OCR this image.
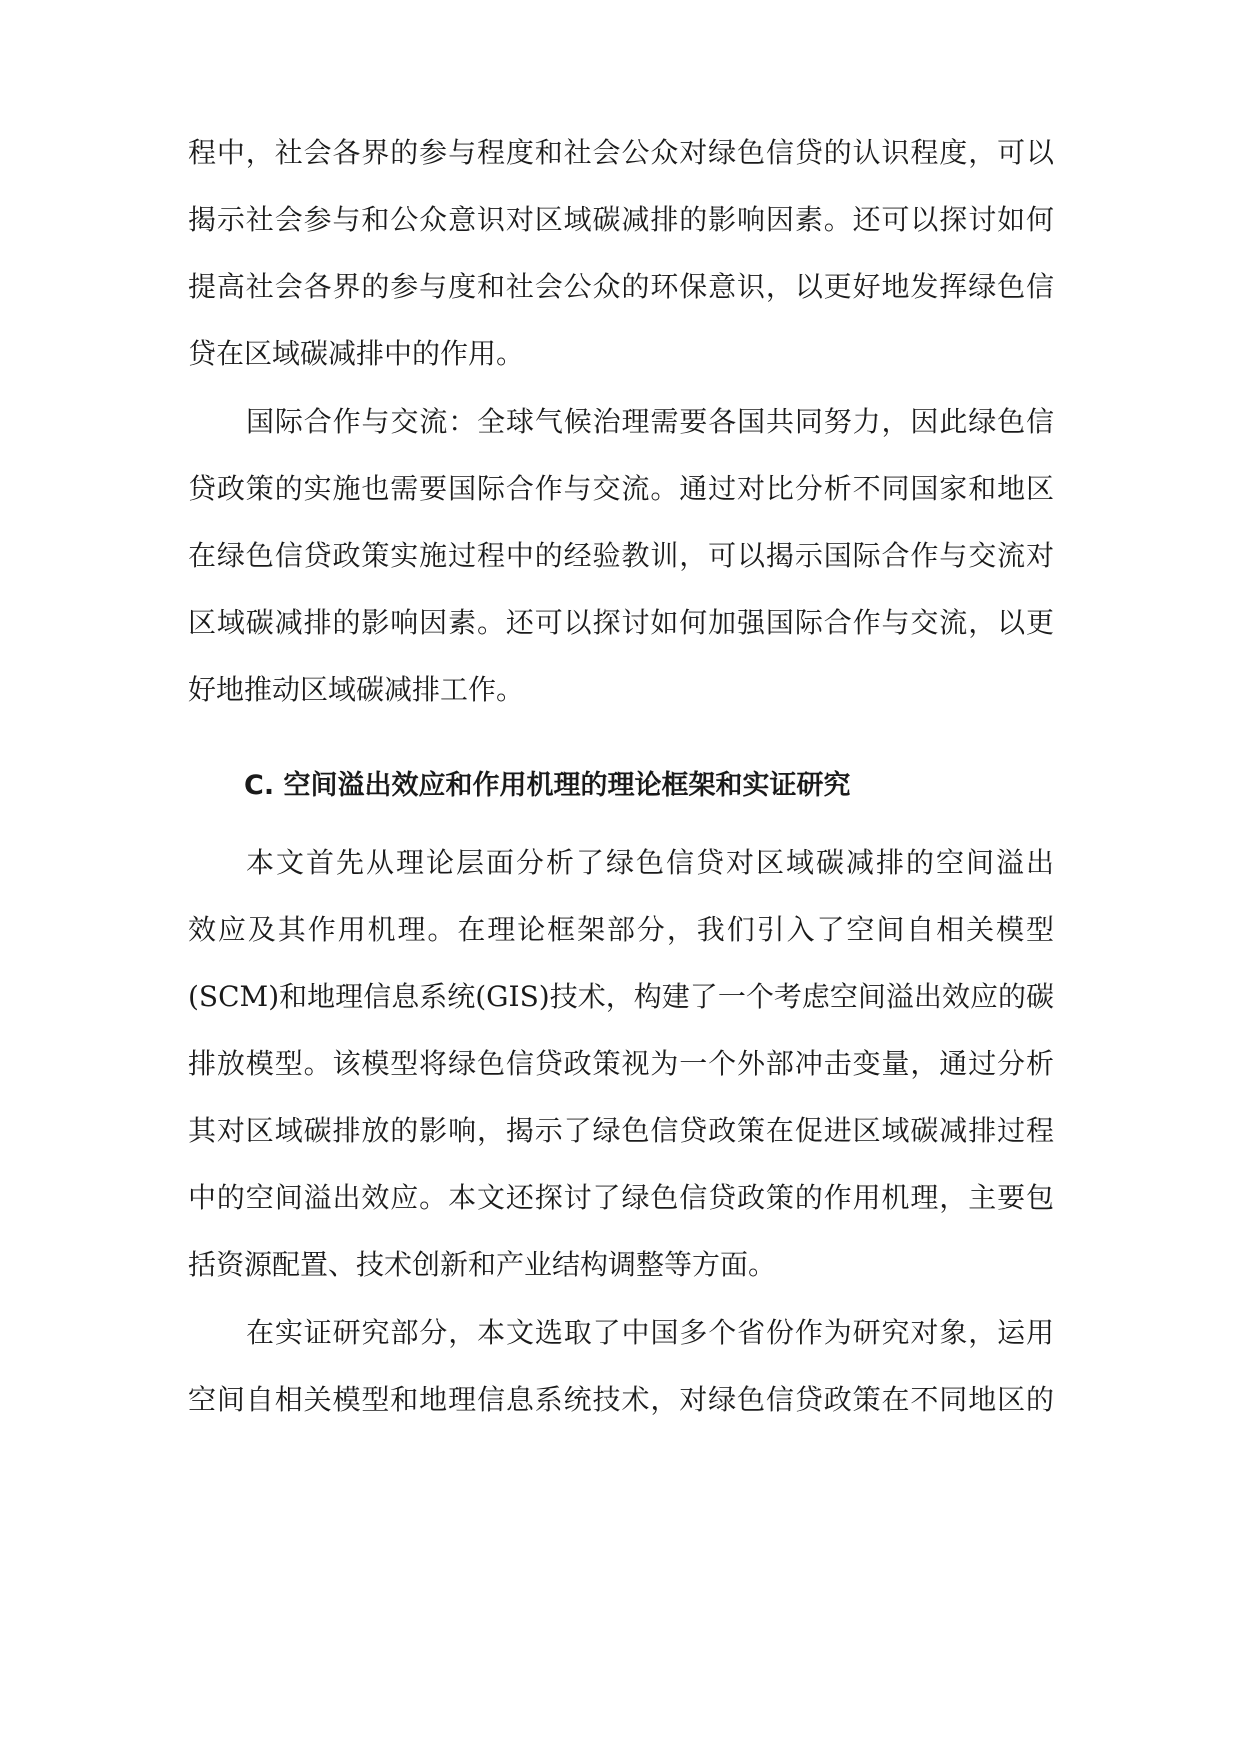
程中，社会各界的参与程度和社会公众对绿色信贷的认识程度，可以
揭示社会参与和公众意识对区域碳减排的影响因素。还可以探讨如何
提高社会各界的参与度和社会公众的环保意识，以更好地发挥绿色信
贷在区域碳减排中的作用。
国际合作与交流：全球气候治理需要各国共同努力，因此绿色信
贷政策的实施也需要国际合作与交流。通过对比分析不同国家和地区
在绿色信贷政策实施过程中的经验教训，可以揭示国际合作与交流对
区域碳减排的影响因素。还可以探讨如何加强国际合作与交流，以更
好地推动区域碳减排工作。
C. 空间溢出效应和作用机理的理论框架和实证研究
本文首先从理论层面分析了绿色信贷对区域碳减排的空间溢出
效应及其作用机理。在理论框架部分，我们引入了空间自相关模型
(SCM)和地理信息系统(GIS)技术，构建了一个考虑空间溢出效应的碳
排放模型。该模型将绿色信贷政策视为一个外部冲击变量，通过分析
其对区域碳排放的影响，揭示了绿色信贷政策在促进区域碳减排过程
中的空间溢出效应。本文还探讨了绿色信贷政策的作用机理，主要包
括资源配置、技术创新和产业结构调整等方面。
在实证研究部分，本文选取了中国多个省份作为研究对象，运用
空间自相关模型和地理信息系统技术，对绿色信贷政策在不同地区的
